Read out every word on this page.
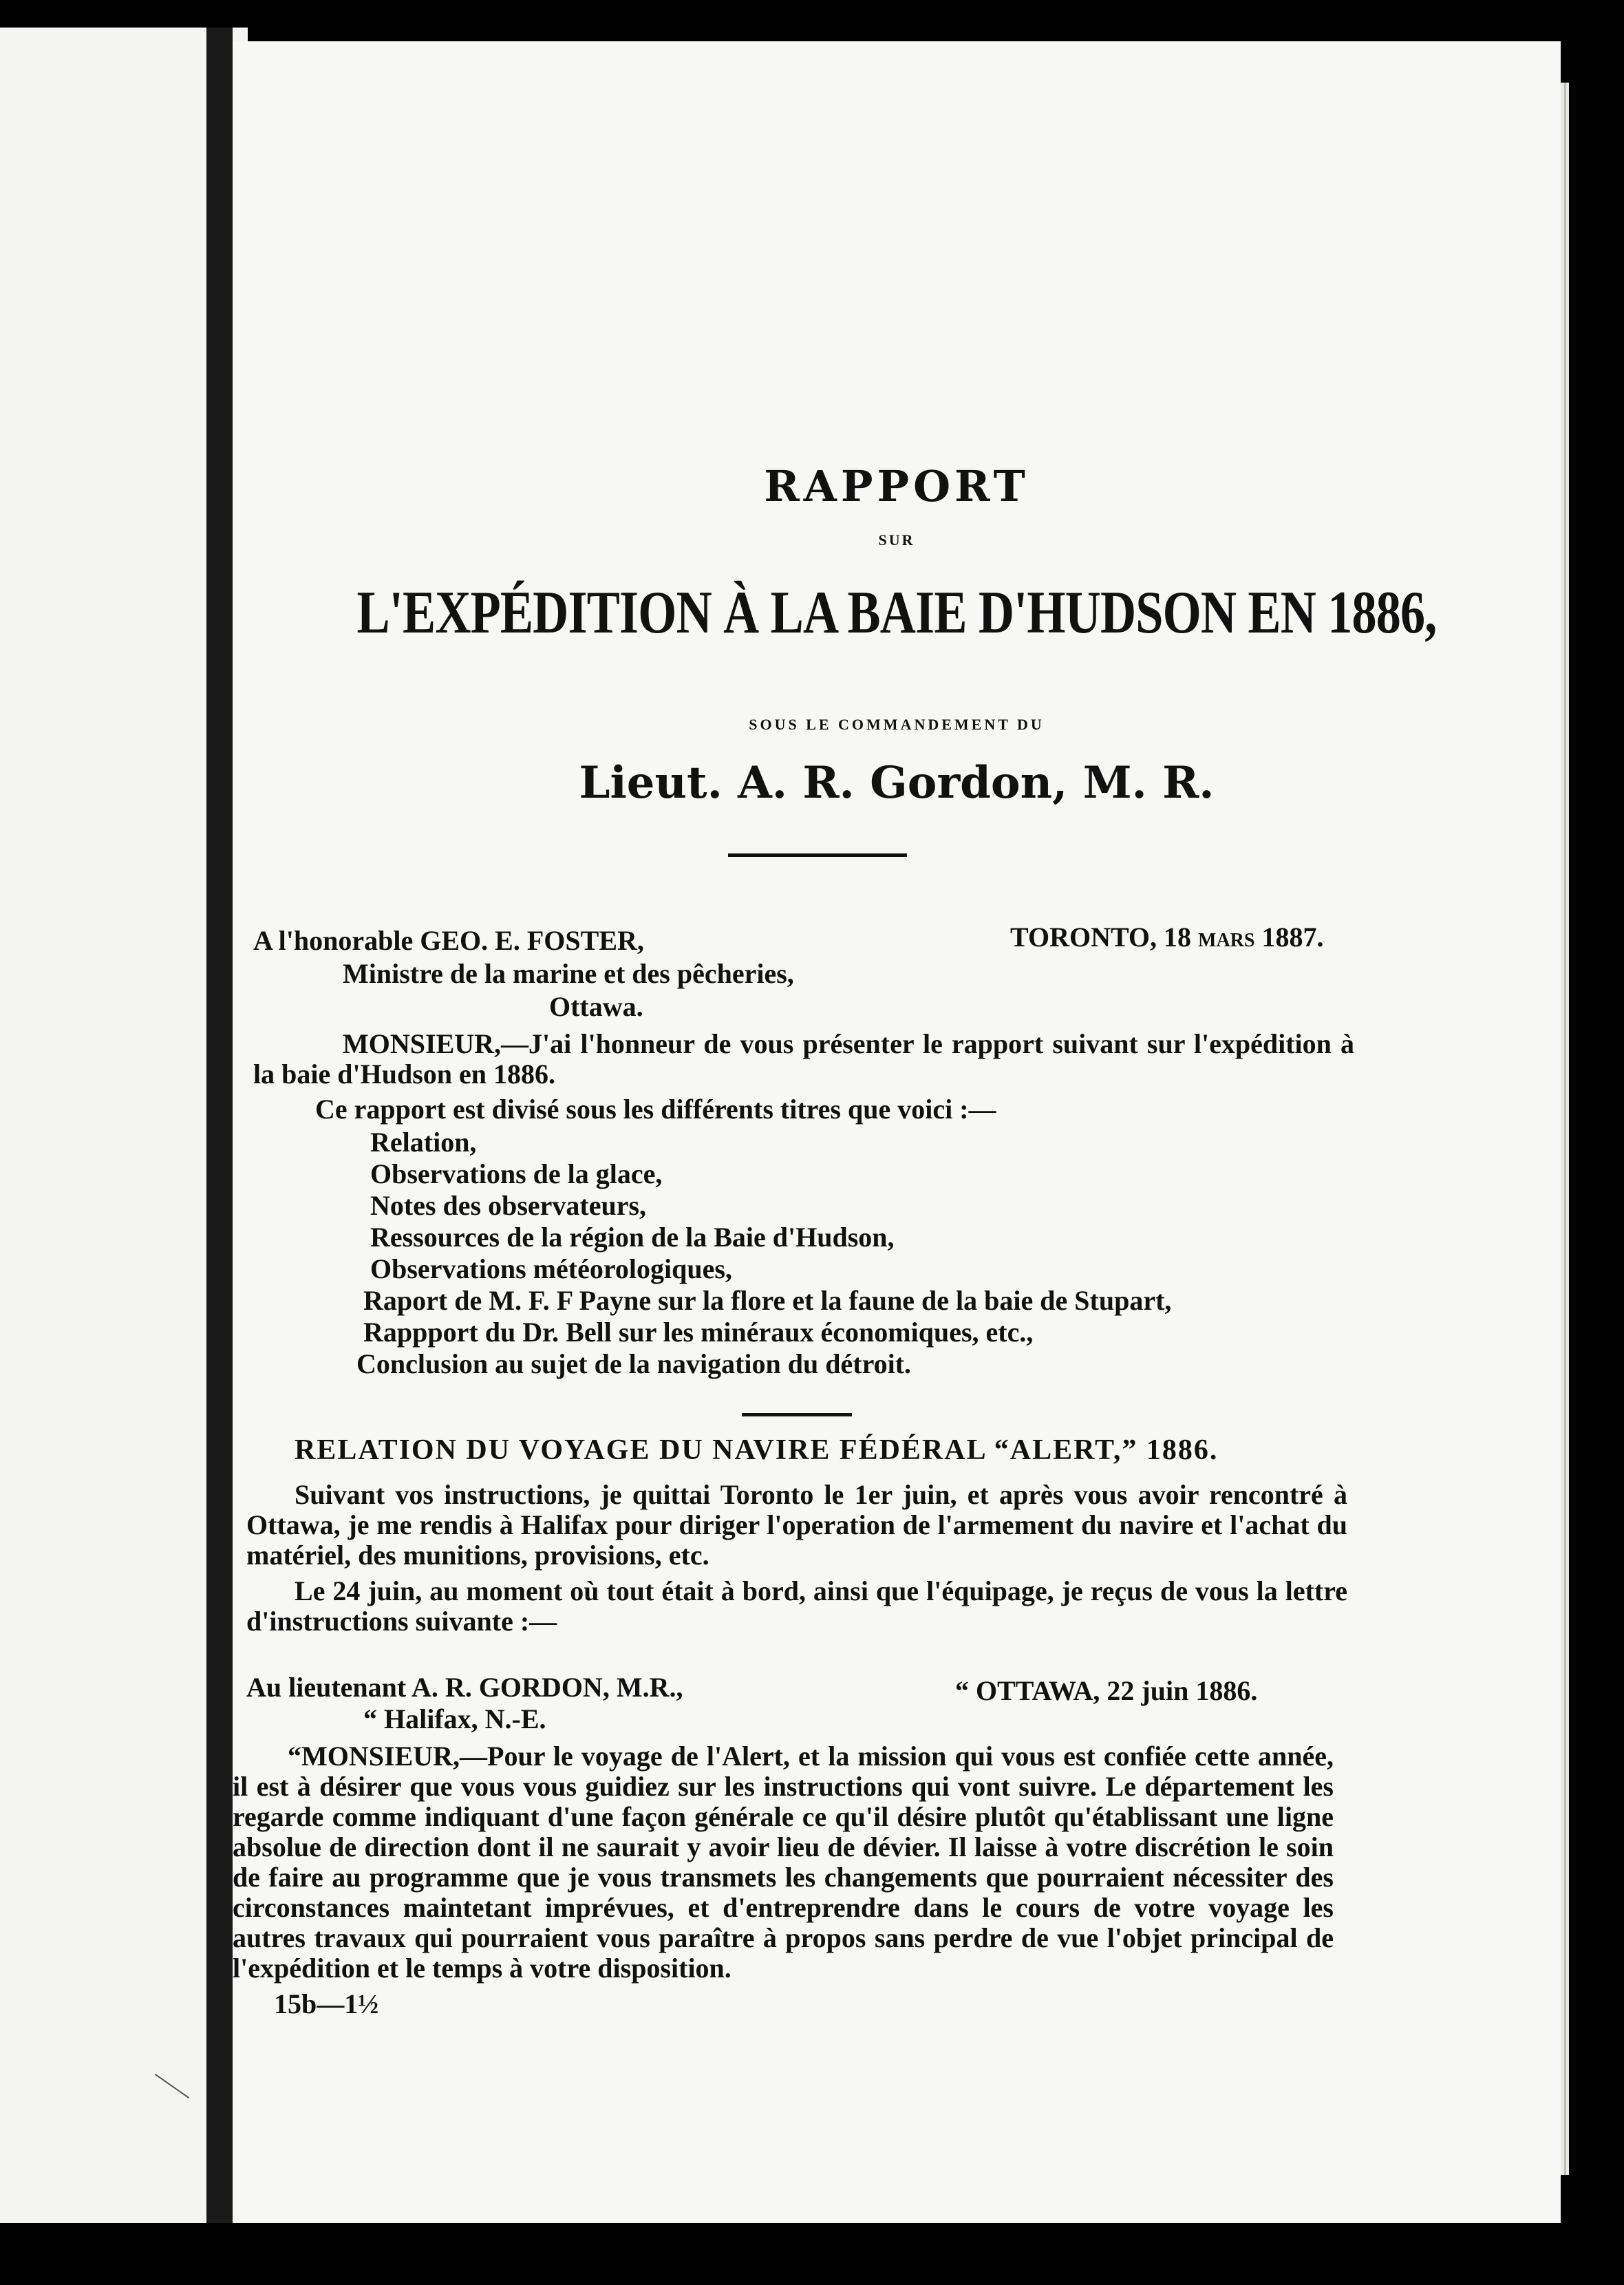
RAPPORT
SUR
L'EXPÉDITION À LA BAIE D'HUDSON EN 1886,
SOUS LE COMMANDEMENT DU
Lieut. A. R. Gordon, M. R.
TORONTO, 18 mars 1887.
A l'honorable GEO. E. FOSTER,
Ministre de la marine et des pêcheries,
Ottawa.
MONSIEUR,—J'ai l'honneur de vous présenter le rapport suivant sur l'expédition à la baie d'Hudson en 1886.
Ce rapport est divisé sous les différents titres que voici :—
Relation,
Observations de la glace,
Notes des observateurs,
Ressources de la région de la Baie d'Hudson,
Observations météorologiques,
Raport de M. F. F Payne sur la flore et la faune de la baie de Stupart,
Rappport du Dr. Bell sur les minéraux économiques, etc.,
Conclusion au sujet de la navigation du détroit.
RELATION DU VOYAGE DU NAVIRE FÉDÉRAL “ALERT,” 1886.
Suivant vos instructions, je quittai Toronto le 1er juin, et après vous avoir rencontré à Ottawa, je me rendis à Halifax pour diriger l'operation de l'armement du navire et l'achat du matériel, des munitions, provisions, etc.
Le 24 juin, au moment où tout était à bord, ainsi que l'équipage, je reçus de vous la lettre d'instructions suivante :—
Au lieutenant A. R. GORDON, M.R.,
“ Halifax, N.-E.
“ OTTAWA, 22 juin 1886.
“MONSIEUR,—Pour le voyage de l'Alert, et la mission qui vous est confiée cette année, il est à désirer que vous vous guidiez sur les instructions qui vont suivre. Le département les regarde comme indiquant d'une façon générale ce qu'il désire plutôt qu'établissant une ligne absolue de direction dont il ne saurait y avoir lieu de dévier. Il laisse à votre discrétion le soin de faire au programme que je vous transmets les changements que pourraient nécessiter des circonstances maintetant imprévues, et d'entreprendre dans le cours de votre voyage les autres travaux qui pourraient vous paraître à propos sans perdre de vue l'objet principal de l'expédition et le temps à votre disposition.
15b—1½
